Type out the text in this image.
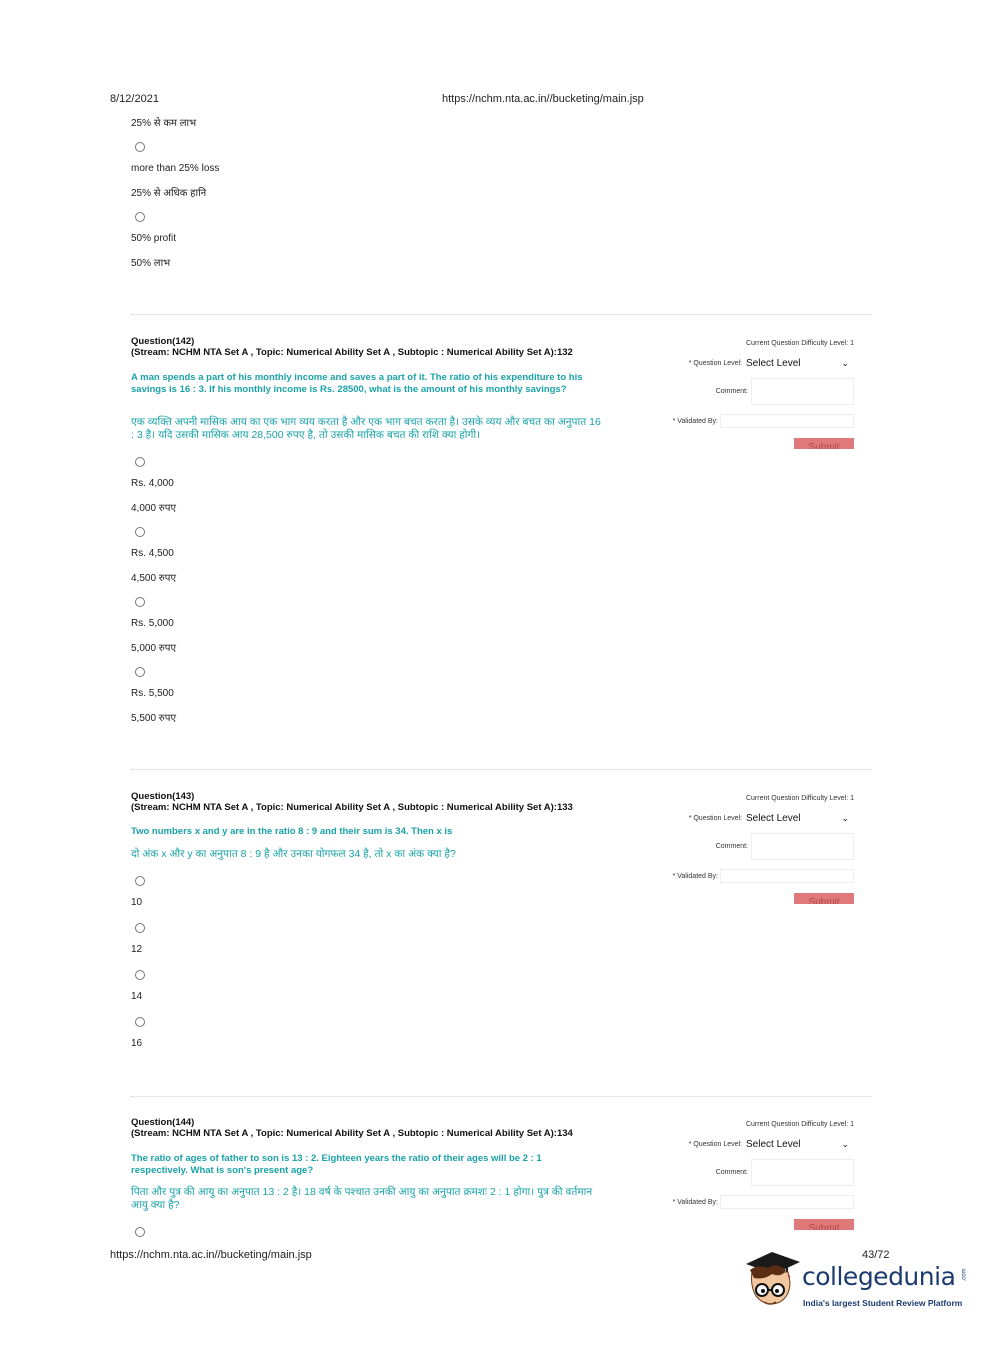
8/12/2021	https://nchm.nta.ac.in//bucketing/main.jsp
25% से कम लाभ
more than 25% loss
25% से अधिक हानि
50% profit
50% लाभ
Question(142)
(Stream: NCHM NTA Set A , Topic: Numerical Ability Set A , Subtopic : Numerical Ability Set A):132
A man spends a part of his monthly income and saves a part of it. The ratio of his expenditure to his savings is 16 : 3. If his monthly income is Rs. 28500, what is the amount of his monthly savings?
एक व्यक्ति अपनी मासिक आय का एक भाग व्यय करता है और एक भाग बचत करता है। उसके व्यय और बचत का अनुपात 16 : 3 है। यदि उसकी मासिक आय 28,500 रुपए है, तो उसकी मासिक बचत की राशि क्या होगी।
Rs. 4,000
4,000 रुपए
Rs. 4,500
4,500 रुपए
Rs. 5,000
5,000 रुपए
Rs. 5,500
5,500 रुपए
Current Question Difficulty Level: 1
* Question Level: Select Level	⌄
Comment:
* Validated By:
Submit
Question(143)
(Stream: NCHM NTA Set A , Topic: Numerical Ability Set A , Subtopic : Numerical Ability Set A):133
Two numbers x and y are in the ratio 8 : 9 and their sum is 34. Then x is
दो अंक x और y का अनुपात 8 : 9 है और उनका योगफल 34 है, तो x का अंक क्या है?
10
12
14
16
Current Question Difficulty Level: 1
* Question Level: Select Level	⌄
Comment:
* Validated By:
Submit
Question(144)
(Stream: NCHM NTA Set A , Topic: Numerical Ability Set A , Subtopic : Numerical Ability Set A):134
The ratio of ages of father to son is 13 : 2. Eighteen years the ratio of their ages will be 2 : 1 respectively. What is son's present age?
पिता और पुत्र की आयु का अनुपात 13 : 2 है। 18 वर्ष के पश्चात उनकी आयु का अनुपात क्रमशः 2 : 1 होगा। पुत्र की वर्तमान आयु क्या है?
Current Question Difficulty Level: 1
* Question Level: Select Level	⌄
Comment:
* Validated By:
Submit
https://nchm.nta.ac.in//bucketing/main.jsp	43/72
collegedunia .com
India's largest Student Review Platform
